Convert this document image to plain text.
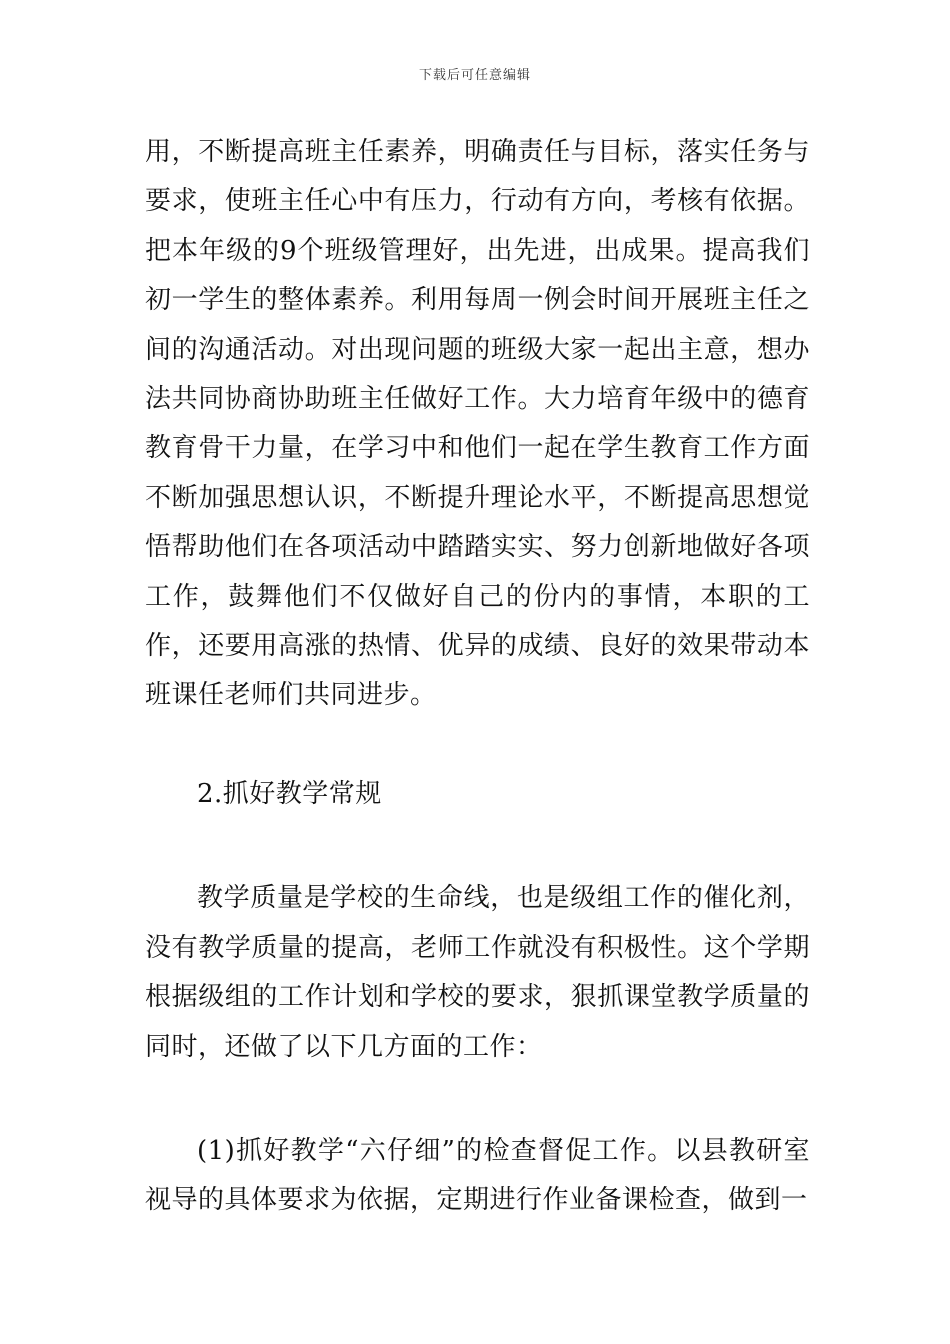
下载后可任意编辑

用，不断提高班主任素养，明确责任与目标，落实任务与要求，使班主任心中有压力，行动有方向，考核有依据。把本年级的9个班级管理好，出先进，出成果。提高我们初一学生的整体素养。利用每周一例会时间开展班主任之间的沟通活动。对出现问题的班级大家一起出主意，想办法共同协商协助班主任做好工作。大力培育年级中的德育教育骨干力量，在学习中和他们一起在学生教育工作方面不断加强思想认识，不断提升理论水平，不断提高思想觉悟帮助他们在各项活动中踏踏实实、努力创新地做好各项工作，鼓舞他们不仅做好自己的份内的事情，本职的工作，还要用高涨的热情、优异的成绩、良好的效果带动本班课任老师们共同进步。

2.抓好教学常规

教学质量是学校的生命线，也是级组工作的催化剂，没有教学质量的提高，老师工作就没有积极性。这个学期根据级组的工作计划和学校的要求，狠抓课堂教学质量的同时，还做了以下几方面的工作：

(1)抓好教学“六仔细”的检查督促工作。以县教研室视导的具体要求为依据，定期进行作业备课检查，做到一
